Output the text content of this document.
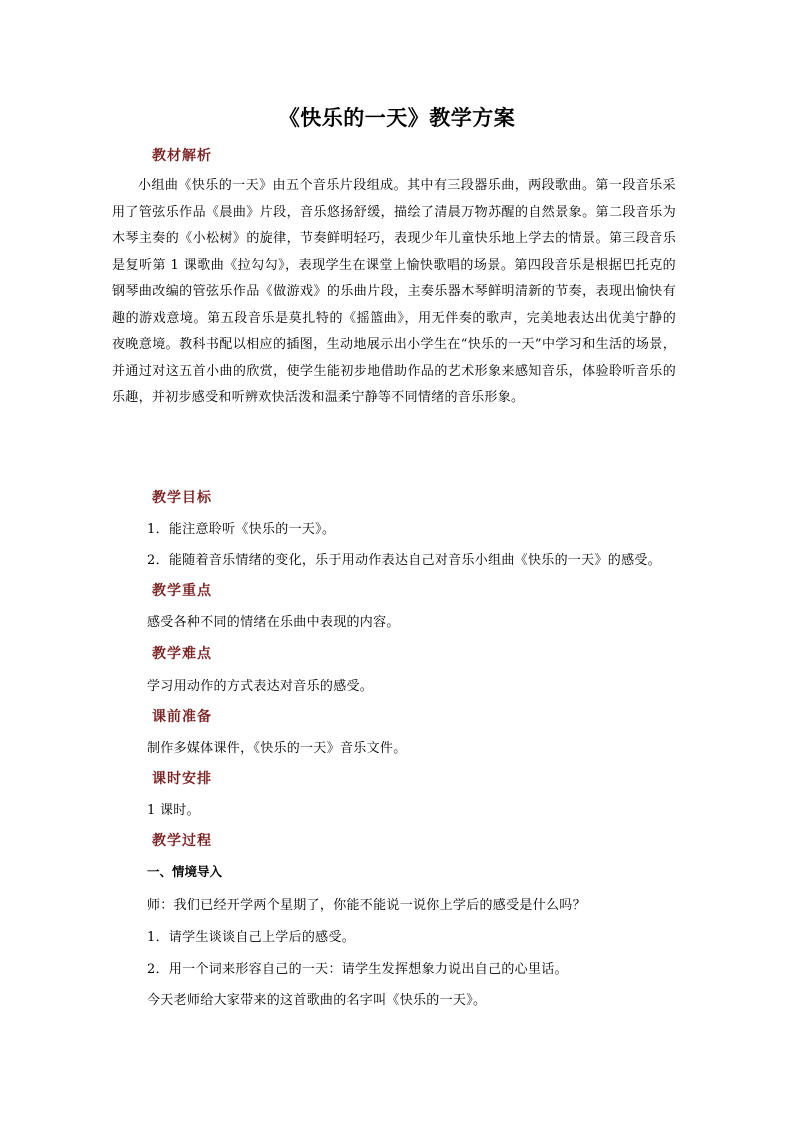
《快乐的一天》教学方案
教材解析
小组曲《快乐的一天》由五个音乐片段组成。其中有三段器乐曲，两段歌曲。第一段音乐采用了管弦乐作品《晨曲》片段，音乐悠扬舒缓，描绘了清晨万物苏醒的自然景象。第二段音乐为木琴主奏的《小松树》的旋律，节奏鲜明轻巧，表现少年儿童快乐地上学去的情景。第三段音乐是复听第 1 课歌曲《拉勾勾》，表现学生在课堂上愉快歌唱的场景。第四段音乐是根据巴托克的钢琴曲改编的管弦乐作品《做游戏》的乐曲片段，主奏乐器木琴鲜明清新的节奏，表现出愉快有趣的游戏意境。第五段音乐是莫扎特的《摇篮曲》，用无伴奏的歌声，完美地表达出优美宁静的夜晚意境。教科书配以相应的插图，生动地展示出小学生在“快乐的一天”中学习和生活的场景，并通过对这五首小曲的欣赏，使学生能初步地借助作品的艺术形象来感知音乐，体验聆听音乐的乐趣，并初步感受和听辨欢快活泼和温柔宁静等不同情绪的音乐形象。
教学目标
1．能注意聆听《快乐的一天》。
2．能随着音乐情绪的变化，乐于用动作表达自己对音乐小组曲《快乐的一天》的感受。
教学重点
感受各种不同的情绪在乐曲中表现的内容。
教学难点
学习用动作的方式表达对音乐的感受。
课前准备
制作多媒体课件，《快乐的一天》音乐文件。
课时安排
1 课时。
教学过程
一、情境导入
师：我们已经开学两个星期了，你能不能说一说你上学后的感受是什么吗？
1．请学生谈谈自己上学后的感受。
2．用一个词来形容自己的一天：请学生发挥想象力说出自己的心里话。
今天老师给大家带来的这首歌曲的名字叫《快乐的一天》。
